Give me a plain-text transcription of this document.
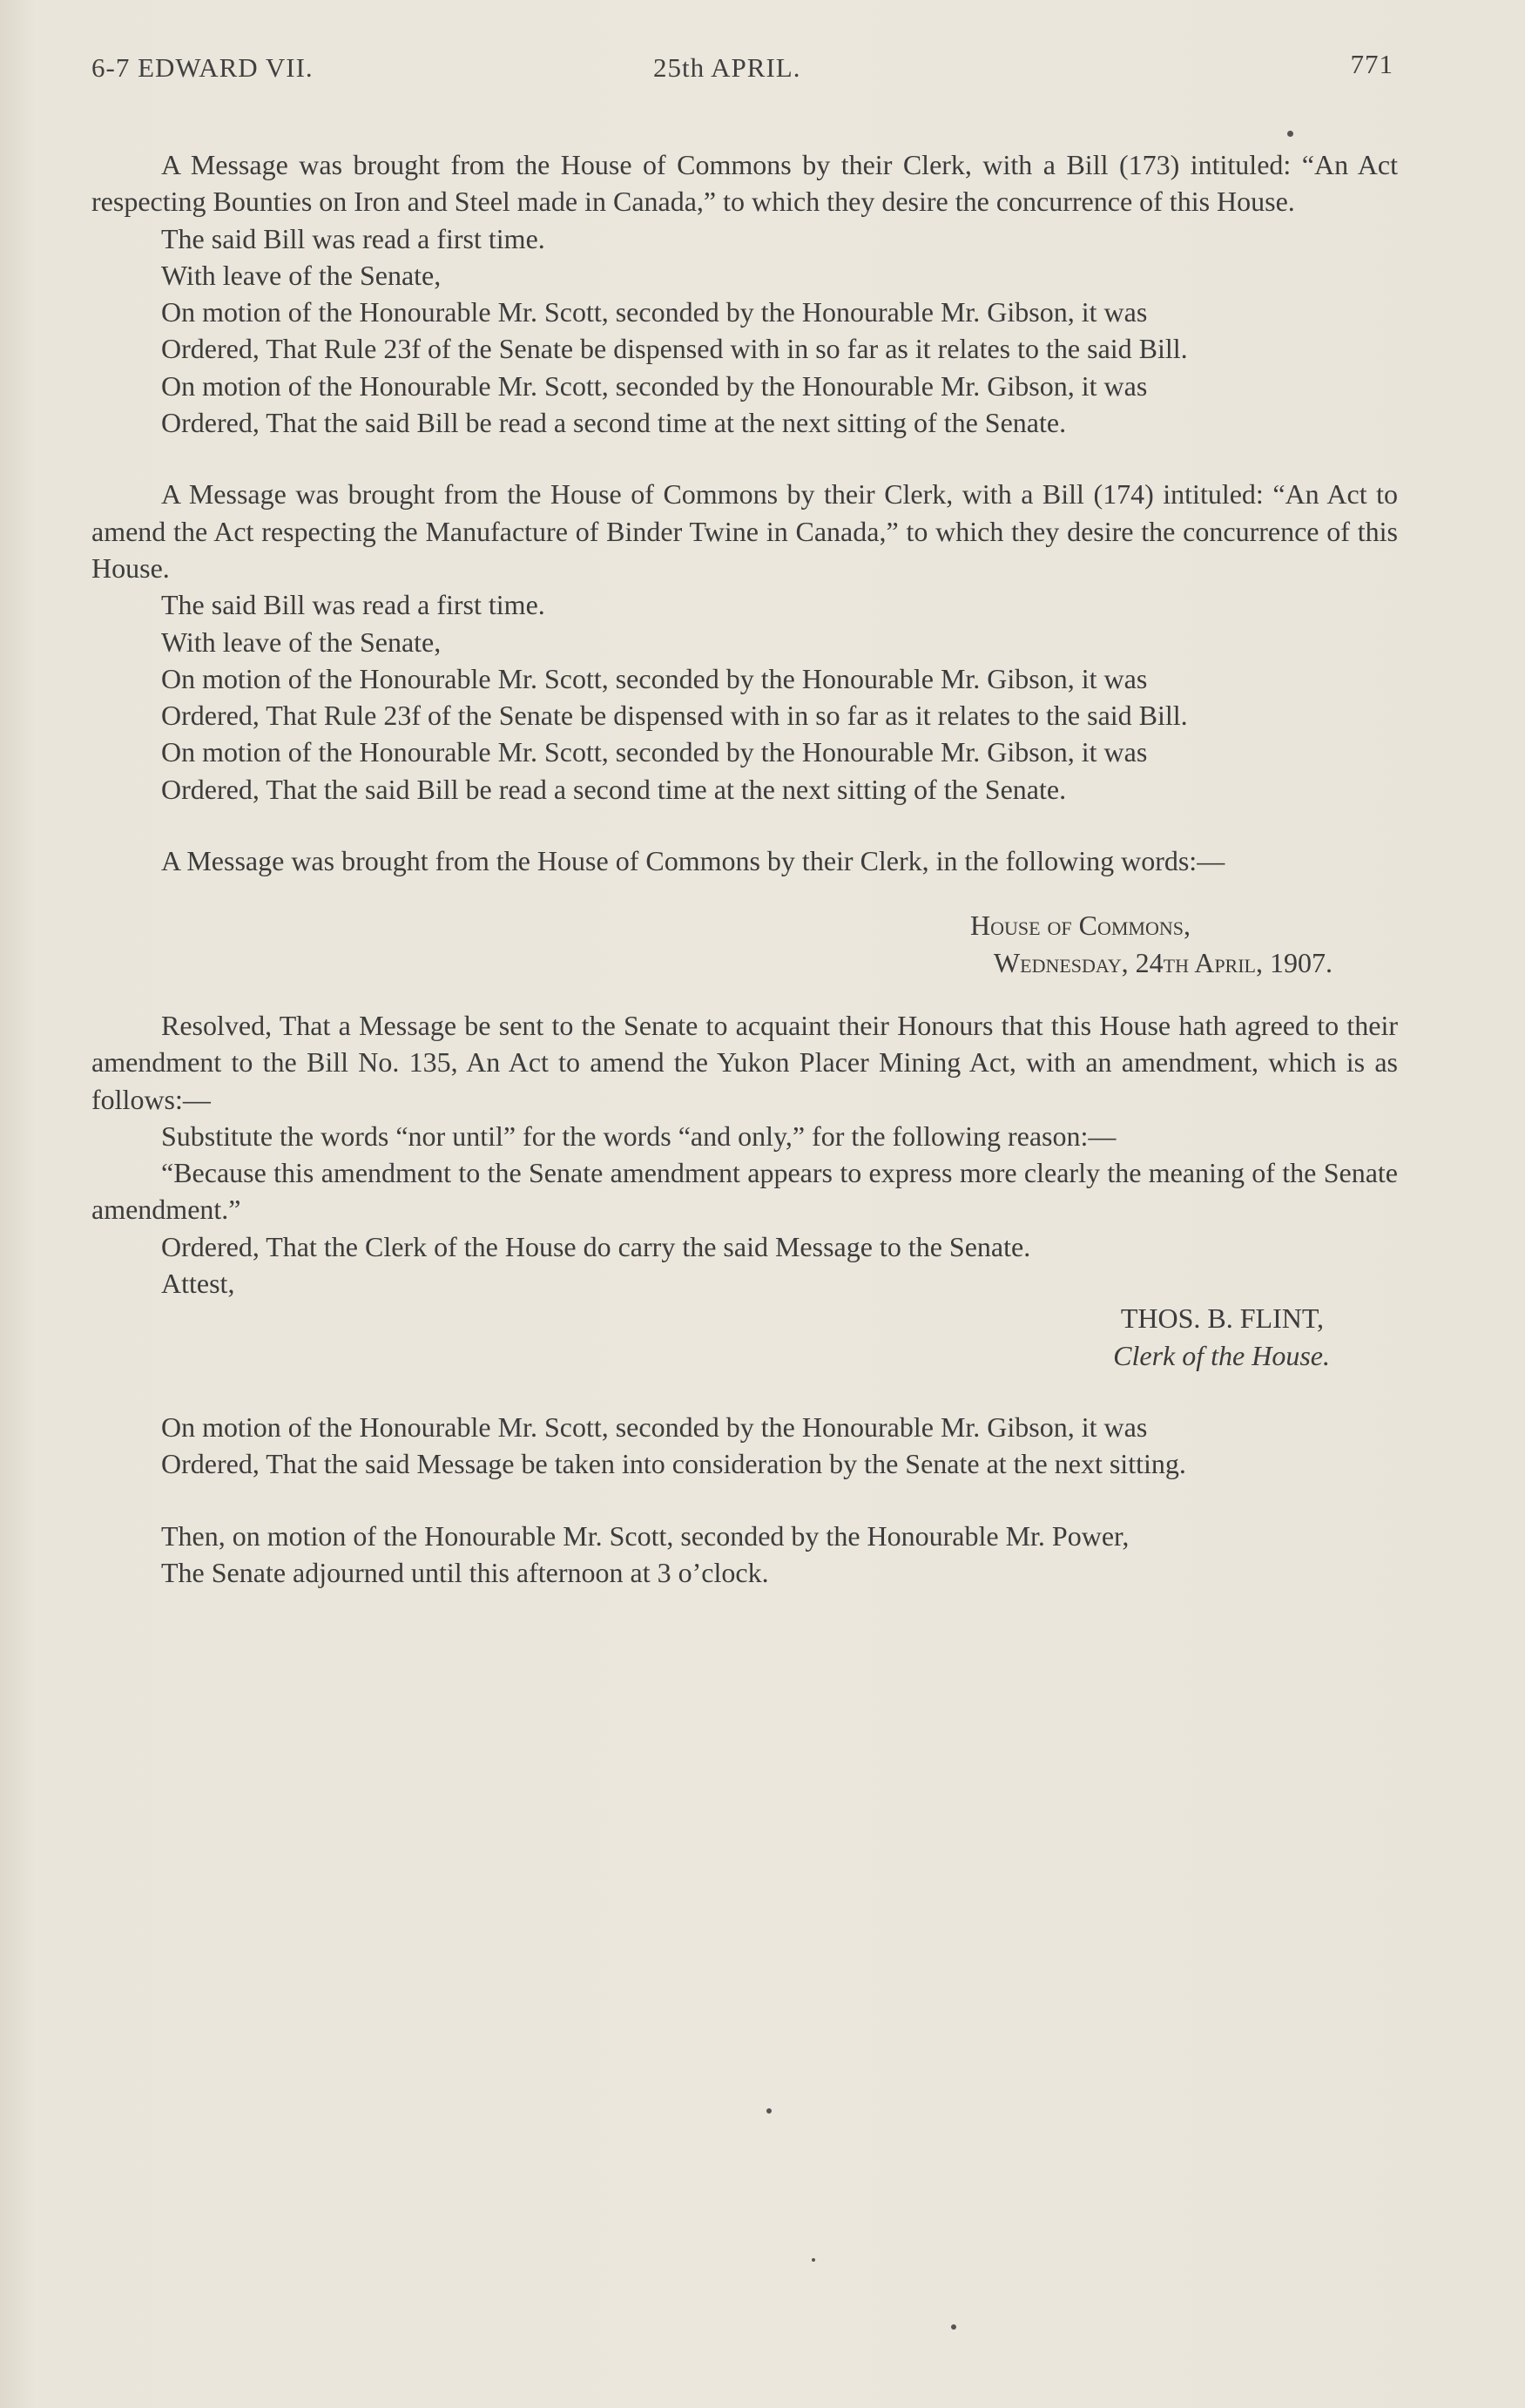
6-7 EDWARD VII.	25th APRIL.	771

A Message was brought from the House of Commons by their Clerk, with a Bill (173) intituled: “An Act respecting Bounties on Iron and Steel made in Canada,” to which they desire the concurrence of this House.

The said Bill was read a first time.

With leave of the Senate,

On motion of the Honourable Mr. Scott, seconded by the Honourable Mr. Gibson, it was

Ordered, That Rule 23f of the Senate be dispensed with in so far as it relates to the said Bill.

On motion of the Honourable Mr. Scott, seconded by the Honourable Mr. Gibson, it was

Ordered, That the said Bill be read a second time at the next sitting of the Senate.

A Message was brought from the House of Commons by their Clerk, with a Bill (174) intituled: “An Act to amend the Act respecting the Manufacture of Binder Twine in Canada,” to which they desire the concurrence of this House.

The said Bill was read a first time.

With leave of the Senate,

On motion of the Honourable Mr. Scott, seconded by the Honourable Mr. Gibson, it was

Ordered, That Rule 23f of the Senate be dispensed with in so far as it relates to the said Bill.

On motion of the Honourable Mr. Scott, seconded by the Honourable Mr. Gibson, it was

Ordered, That the said Bill be read a second time at the next sitting of the Senate.

A Message was brought from the House of Commons by their Clerk, in the following words:—

House of Commons,

Wednesday, 24th April, 1907.

Resolved, That a Message be sent to the Senate to acquaint their Honours that this House hath agreed to their amendment to the Bill No. 135, An Act to amend the Yukon Placer Mining Act, with an amendment, which is as follows:—

Substitute the words “nor until” for the words “and only,” for the following reason:—

“Because this amendment to the Senate amendment appears to express more clearly the meaning of the Senate amendment.”

Ordered, That the Clerk of the House do carry the said Message to the Senate.

Attest,

THOS. B. FLINT,

Clerk of the House.

On motion of the Honourable Mr. Scott, seconded by the Honourable Mr. Gibson, it was

Ordered, That the said Message be taken into consideration by the Senate at the next sitting.

Then, on motion of the Honourable Mr. Scott, seconded by the Honourable Mr. Power,

The Senate adjourned until this afternoon at 3 o’clock.
